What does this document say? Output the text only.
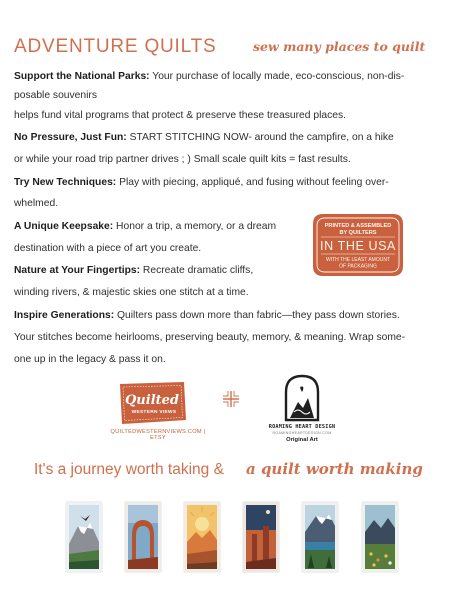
ADVENTURE QUILTS	sew many places to quilt
Support the National Parks: Your purchase of locally made, eco-conscious, non-dis-
posable souvenirs
helps fund vital programs that protect & preserve these treasured places.
No Pressure, Just Fun: START STITCHING NOW- around the campfire, on a hike
or while your road trip partner drives ; ) Small scale quilt kits = fast results.
Try New Techniques: Play with piecing, appliqué, and fusing without feeling over-
whelmed.
A Unique Keepsake: Honor a trip, a memory, or a dream
destination with a piece of art you create.
Nature at Your Fingertips: Recreate dramatic cliffs,
winding rivers, & majestic skies one stitch at a time.
Inspire Generations: Quilters pass down more than fabric—they pass down stories.
Your stitches become heirlooms, preserving beauty, memory, & meaning. Wrap some-
one up in the legacy & pass it on.
PRINTED & ASSEMBLED
BY QUILTERS
IN THE USA
WITH THE LEAST AMOUNT
OF PACKAGING
Quilted
WESTERN VIEWS
QUILTEDWESTERNVIEWS.COM | ETSY
ROAMING HEART DESIGN
ROAMINGHEARTDESIGN.COM
Original Art
It's a journey worth taking & a quilt worth making
